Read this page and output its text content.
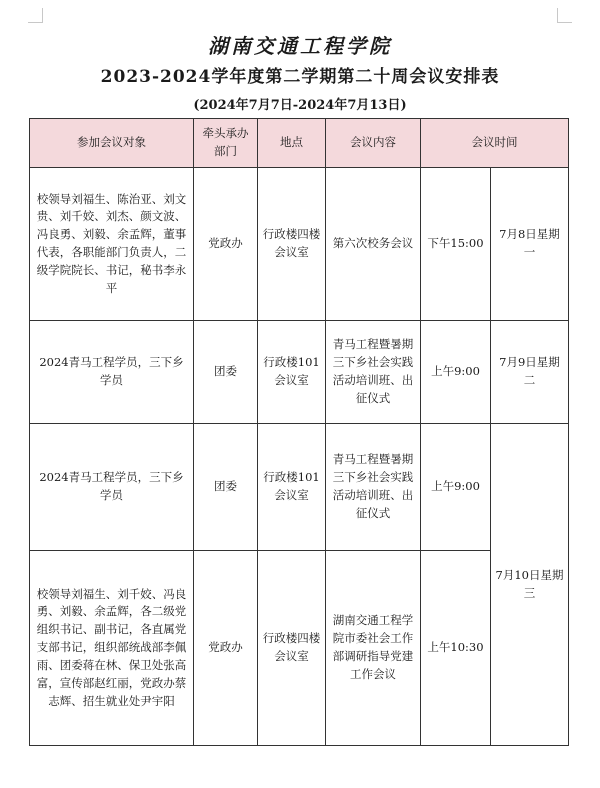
湖南交通工程学院
2023-2024学年度第二学期第二十周会议安排表
(2024年7月7日-2024年7月13日)
参加会议对象	牵头承办部门	地点	会议内容	会议时间	
校领导刘福生、陈治亚、刘文贵、刘千姣、刘杰、颜文波、冯良勇、刘毅、余孟辉，董事代表，各职能部门负责人，二级学院院长、书记，秘书李永平	党政办	行政楼四楼会议室	第六次校务会议	下午15:00	7月8日星期一
2024青马工程学员，三下乡学员	团委	行政楼101会议室	青马工程暨暑期三下乡社会实践活动培训班、出征仪式	上午9:00	7月9日星期二
2024青马工程学员，三下乡学员	团委	行政楼101会议室	青马工程暨暑期三下乡社会实践活动培训班、出征仪式	上午9:00	7月10日星期三
校领导刘福生、刘千姣、冯良勇、刘毅、余孟辉，各二级党组织书记、副书记，各直属党支部书记，组织部统战部李佩雨、团委蒋在林、保卫处张高富，宣传部赵红丽，党政办蔡志辉、招生就业处尹宇阳	党政办	行政楼四楼会议室	湖南交通工程学院市委社会工作部调研指导党建工作会议	上午10:30	
